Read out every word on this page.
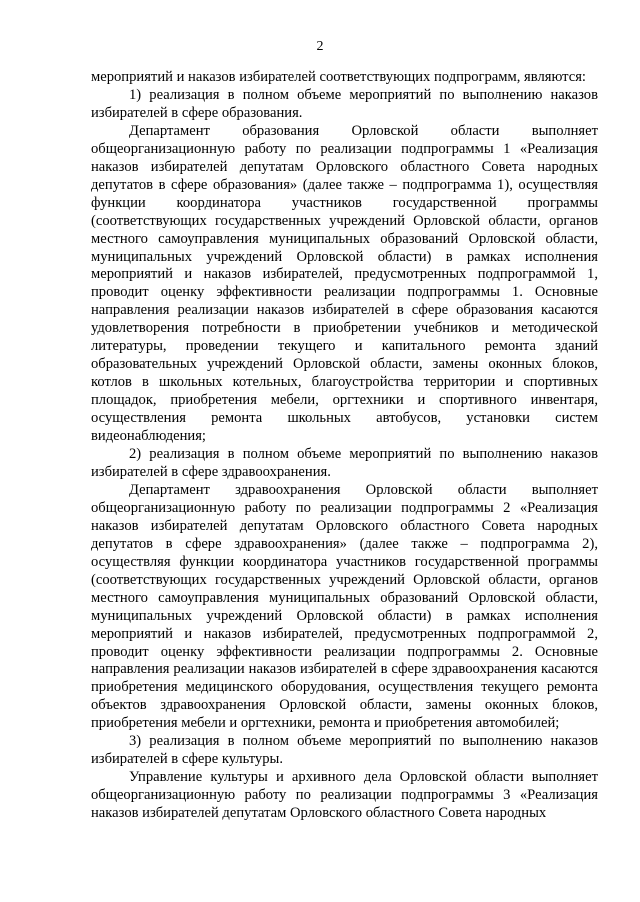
2

мероприятий и наказов избирателей соответствующих подпрограмм, являются:

1) реализация в полном объеме мероприятий по выполнению наказов избирателей в сфере образования.

Департамент образования Орловской области выполняет общеорганизационную работу по реализации подпрограммы 1 «Реализация наказов избирателей депутатам Орловского областного Совета народных депутатов в сфере образования» (далее также – подпрограмма 1), осуществляя функции координатора участников государственной программы (соответствующих государственных учреждений Орловской области, органов местного самоуправления муниципальных образований Орловской области, муниципальных учреждений Орловской области) в рамках исполнения мероприятий и наказов избирателей, предусмотренных подпрограммой 1, проводит оценку эффективности реализации подпрограммы 1. Основные направления реализации наказов избирателей в сфере образования касаются удовлетворения потребности в приобретении учебников и методической литературы, проведении текущего и капитального ремонта зданий образовательных учреждений Орловской области, замены оконных блоков, котлов в школьных котельных, благоустройства территории и спортивных площадок, приобретения мебели, оргтехники и спортивного инвентаря, осуществления ремонта школьных автобусов, установки систем видеонаблюдения;

2) реализация в полном объеме мероприятий по выполнению наказов избирателей в сфере здравоохранения.

Департамент здравоохранения Орловской области выполняет общеорганизационную работу по реализации подпрограммы 2 «Реализация наказов избирателей депутатам Орловского областного Совета народных депутатов в сфере здравоохранения» (далее также – подпрограмма 2), осуществляя функции координатора участников государственной программы (соответствующих государственных учреждений Орловской области, органов местного самоуправления муниципальных образований Орловской области, муниципальных учреждений Орловской области) в рамках исполнения мероприятий и наказов избирателей, предусмотренных подпрограммой 2, проводит оценку эффективности реализации подпрограммы 2. Основные направления реализации наказов избирателей в сфере здравоохранения касаются приобретения медицинского оборудования, осуществления текущего ремонта объектов здравоохранения Орловской области, замены оконных блоков, приобретения мебели и оргтехники, ремонта и приобретения автомобилей;

3) реализация в полном объеме мероприятий по выполнению наказов избирателей в сфере культуры.

Управление культуры и архивного дела Орловской области выполняет общеорганизационную работу по реализации подпрограммы 3 «Реализация наказов избирателей депутатам Орловского областного Совета народных
